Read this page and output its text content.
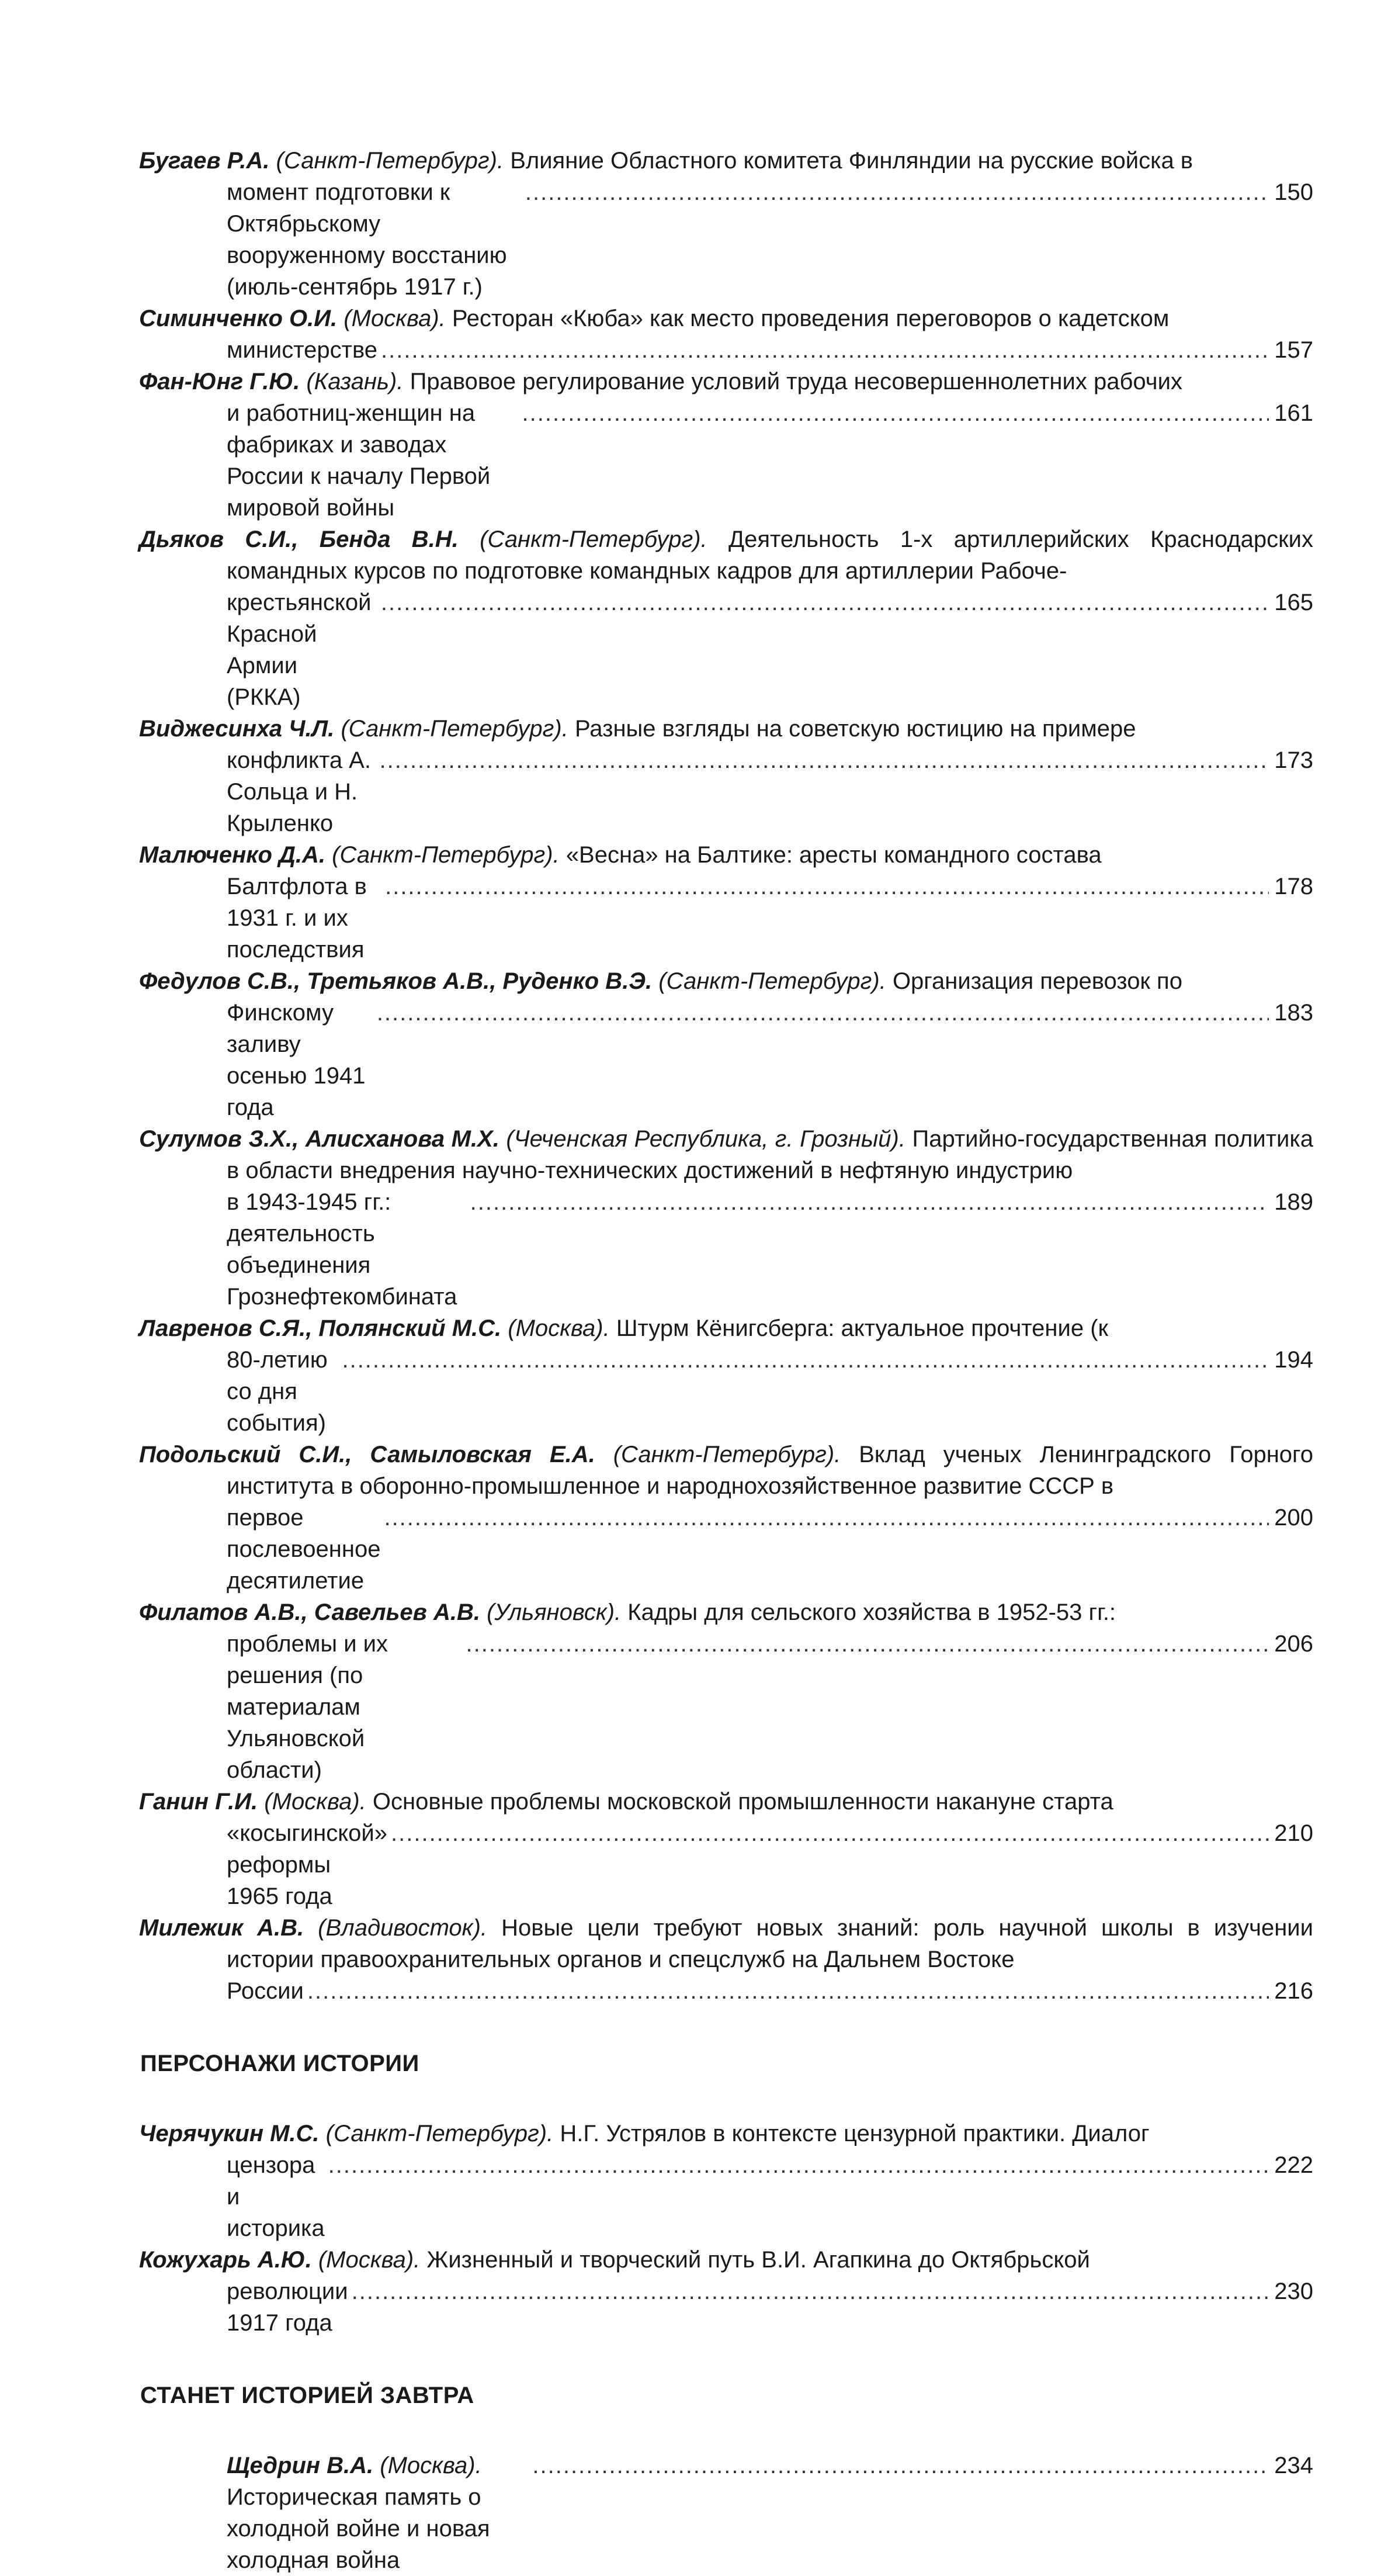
Бугаев Р.А. (Санкт-Петербург). Влияние Областного комитета Финляндии на русские войска в
момент подготовки к Октябрьскому вооруженному восстанию (июль-сентябрь 1917 г.)
.....
150
Симинченко О.И. (Москва). Ресторан «Кюба» как место проведения переговоров о кадетском
министерстве .....	157
Фан-Юнг Г.Ю. (Казань). Правовое регулирование условий труда несовершеннолетних рабочих
и работниц-женщин на фабриках и заводах России к началу Первой мировой войны
.....
161
Дьяков С.И., Бенда В.Н. (Санкт-Петербург). Деятельность 1-х артиллерийских Краснодарских командных курсов по подготовке командных кадров для артиллерии Рабоче-
крестьянской Красной Армии (РККА)
.....
165
Виджесинха Ч.Л. (Санкт-Петербург). Разные взгляды на советскую юстицию на примере
конфликта А. Сольца и Н. Крыленко
.....
173
Малюченко Д.А. (Санкт-Петербург). «Весна» на Балтике: аресты командного состава
Балтфлота в 1931 г. и их последствия
.....
178
Федулов С.В., Третьяков А.В., Руденко В.Э. (Санкт-Петербург). Организация перевозок по
Финскому заливу осенью 1941 года
.....
183
Сулумов З.Х., Алисханова М.Х. (Чеченская Республика, г. Грозный). Партийно-государственная политика в области внедрения научно-технических достижений в нефтяную индустрию
в 1943-1945 гг.: деятельность объединения Грознефтекомбината
.....
189
Лавренов С.Я., Полянский М.С. (Москва). Штурм Кёнигсберга: актуальное прочтение (к
80-летию со дня события)
.....
194
Подольский С.И., Самыловская Е.А. (Санкт-Петербург). Вклад ученых Ленинградского Горного института в оборонно-промышленное и народнохозяйственное развитие СССР в
первое послевоенное десятилетие
.....
200
Филатов А.В., Савельев А.В. (Ульяновск). Кадры для сельского хозяйства в 1952-53 гг.:
проблемы и их решения (по материалам Ульяновской области)
.....
206
Ганин Г.И. (Москва). Основные проблемы московской промышленности накануне старта
«косыгинской» реформы 1965 года
.....
210
Милежик А.В. (Владивосток). Новые цели требуют новых знаний: роль научной школы в изучении истории правоохранительных органов и спецслужб на Дальнем Востоке
России .....	216
ПЕРСОНАЖИ ИСТОРИИ
Черячукин М.С. (Санкт-Петербург). Н.Г. Устрялов в контексте цензурной практики. Диалог
цензора и историка
.....
222
Кожухарь А.Ю. (Москва). Жизненный и творческий путь В.И. Агапкина до Октябрьской
революции 1917 года
.....
230
СТАНЕТ ИСТОРИЕЙ ЗАВТРА
Щедрин В.А. (Москва). Историческая память о холодной войне и новая холодная война
.....
234
